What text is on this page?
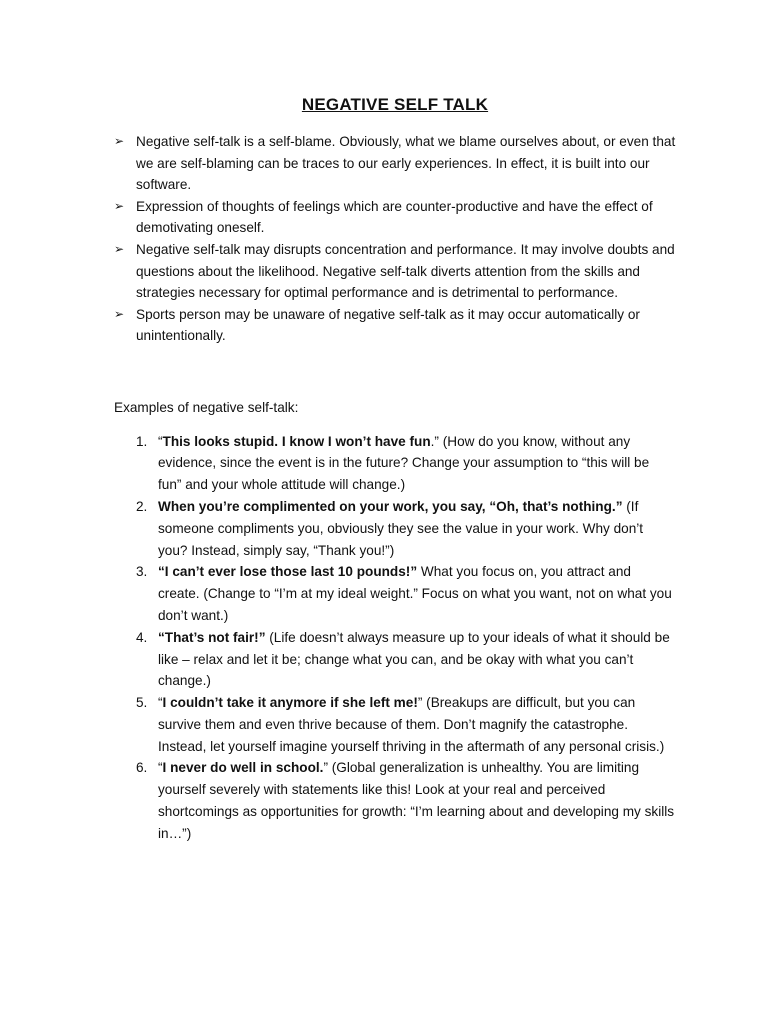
NEGATIVE SELF TALK
➢ Negative self-talk is a self-blame. Obviously, what we blame ourselves about, or even that we are self-blaming can be traces to our early experiences. In effect, it is built into our software.
➢ Expression of thoughts of feelings which are counter-productive and have the effect of demotivating oneself.
➢ Negative self-talk may disrupts concentration and performance. It may involve doubts and questions about the likelihood. Negative self-talk diverts attention from the skills and strategies necessary for optimal performance and is detrimental to performance.
➢ Sports person may be unaware of negative self-talk as it may occur automatically or unintentionally.

Examples of negative self-talk:

1. “This looks stupid. I know I won’t have fun.” (How do you know, without any evidence, since the event is in the future? Change your assumption to “this will be fun” and your whole attitude will change.)
2. When you’re complimented on your work, you say, “Oh, that’s nothing.” (If someone compliments you, obviously they see the value in your work. Why don’t you? Instead, simply say, “Thank you!”)
3. “I can’t ever lose those last 10 pounds!” What you focus on, you attract and create. (Change to “I’m at my ideal weight.” Focus on what you want, not on what you don’t want.)
4. “That’s not fair!” (Life doesn’t always measure up to your ideals of what it should be like – relax and let it be; change what you can, and be okay with what you can’t change.)
5. “I couldn’t take it anymore if she left me!” (Breakups are difficult, but you can survive them and even thrive because of them. Don’t magnify the catastrophe. Instead, let yourself imagine yourself thriving in the aftermath of any personal crisis.)
6. “I never do well in school.” (Global generalization is unhealthy. You are limiting yourself severely with statements like this! Look at your real and perceived shortcomings as opportunities for growth: “I’m learning about and developing my skills in…”)
